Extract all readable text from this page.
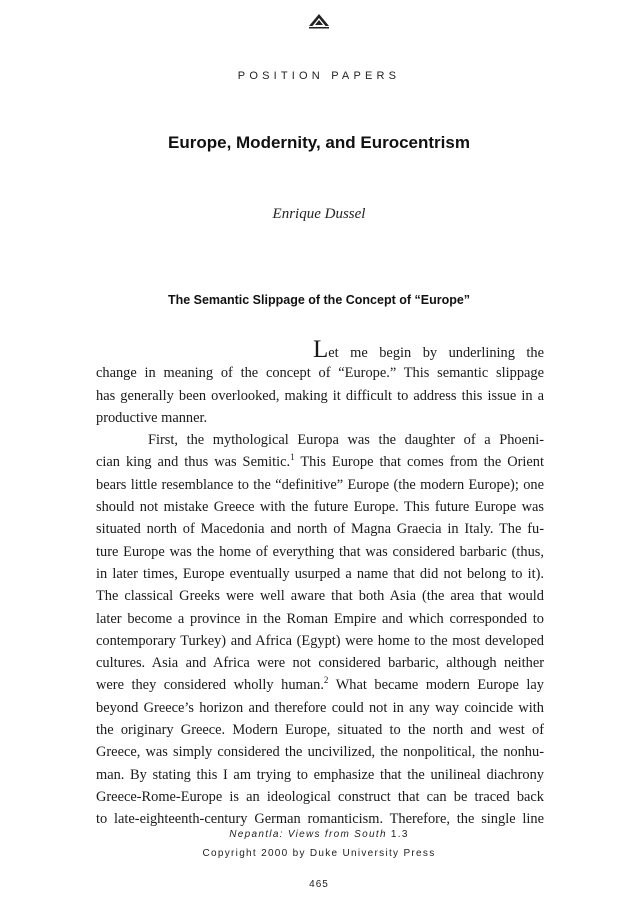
POSITION PAPERS
Europe, Modernity, and Eurocentrism
Enrique Dussel
The Semantic Slippage of the Concept of “Europe”
Let me begin by underlining the
change in meaning of the concept of “Europe.” This semantic slippage
has generally been overlooked, making it difficult to address this issue in a
productive manner.
First, the mythological Europa was the daughter of a Phoeni-
cian king and thus was Semitic.$^1$ This Europe that comes from the Orient
bears little resemblance to the “definitive” Europe (the modern Europe); one
should not mistake Greece with the future Europe. This future Europe was
situated north of Macedonia and north of Magna Graecia in Italy. The fu-
ture Europe was the home of everything that was considered barbaric (thus,
in later times, Europe eventually usurped a name that did not belong to it).
The classical Greeks were well aware that both Asia (the area that would
later become a province in the Roman Empire and which corresponded to
contemporary Turkey) and Africa (Egypt) were home to the most developed
cultures. Asia and Africa were not considered barbaric, although neither
were they considered wholly human.$^2$ What became modern Europe lay
beyond Greece’s horizon and therefore could not in any way coincide with
the originary Greece. Modern Europe, situated to the north and west of
Greece, was simply considered the uncivilized, the nonpolitical, the nonhu-
man. By stating this I am trying to emphasize that the unilineal diachrony
Greece-Rome-Europe is an ideological construct that can be traced back
to late-eighteenth-century German romanticism. Therefore, the single line
Nepantla: Views from South 1.3
Copyright 2000 by Duke University Press
465
